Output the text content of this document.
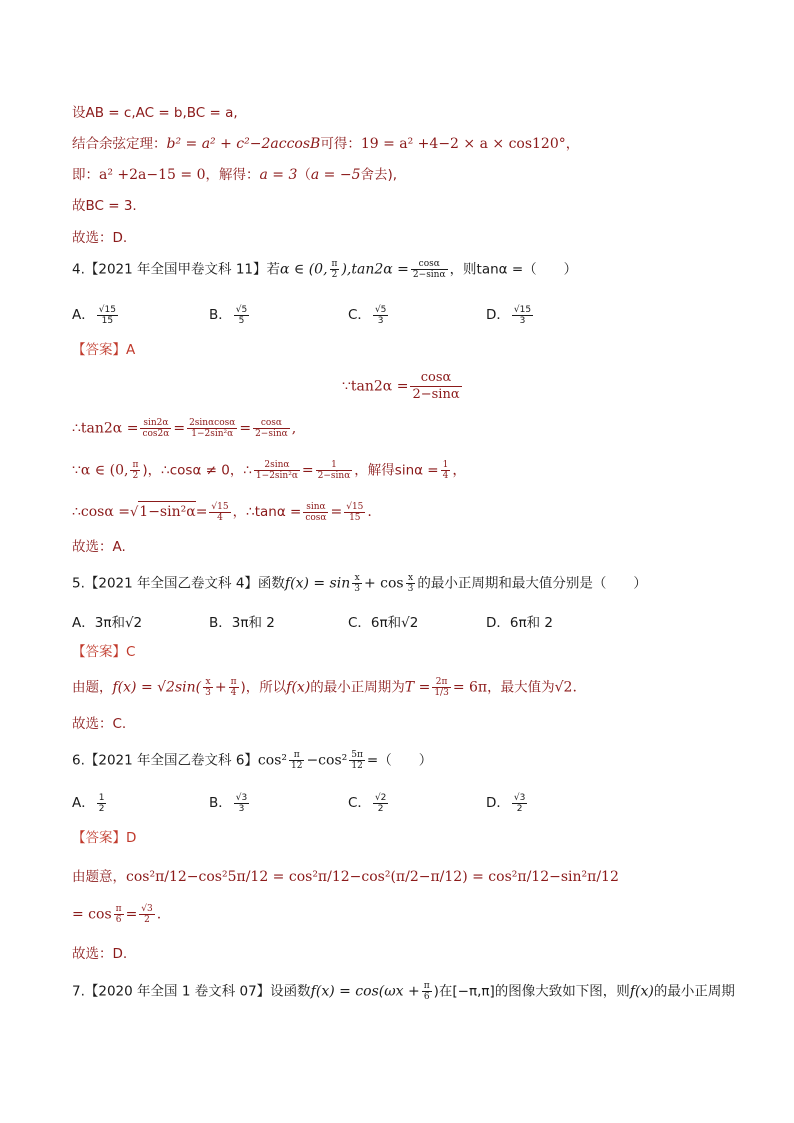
设AB = c,AC = b,BC = a,
结合余弦定理：b² = a² + c²−2accosB可得：19 = a² +4−2 × a × cos120°，
即：a² +2a−15 = 0，解得：a = 3（a = −5舍去),
故BC = 3.
故选：D.
4.【2021 年全国甲卷文科 11】若α ∈ (0, $\frac{\pi}{2} ),\tan 2\alpha = \frac{\cos\alpha}{2-\sin\alpha}$ ，则tanα =（　　）
A． $\frac{√15}{15}$	B． $\frac{√5}{5}$	C． $\frac{√5}{3}$	D． $\frac{√15}{3}$
【答案】A
∵tan2α = $\frac{\cos\alpha}{2-\sin\alpha}$
∴tan2α = $\frac{\sin 2\alpha}{\cos 2\alpha} = \frac{2\sin\alpha\cos\alpha}{\text{1−2sin²α}} = \frac{\cos\alpha}{2-\sin\alpha}$ ,
∵α ∈ (0, $\frac{\pi}{2}$ )，∴cosα ≠ 0，∴ $\frac{2\sin\alpha}{\text{1−2sin²α}} = \frac{1}{2-\sin\alpha}$ ，解得$\sin\alpha = \frac{1}{4}$ ，
∴cosα $=√1-\sin^2\alpha= \frac{√15}{4}$ ，∴tanα = $\frac{\sin\alpha}{\cos\alpha} = \frac{√15}{15}$ .
故选：A.
5.【2021 年全国乙卷文科 4】函数$f(x) = \sin \frac{x}{3} + \cos \frac{x}{3}$ 的最小正周期和最大值分别是（　　）
A．3π和√2	B．3π和 2	C．6π和√2	D．6π和 2
【答案】C
由题，$f(x) = √2\sin( \frac{x}{3} + \frac{\pi}{4}$ )，所以f(x)的最小正周期为$T = \frac{2\pi}{1/3} = 6\pi$，最大值为√2.
故选：C.
6.【2021 年全国乙卷文科 6】$\cos^2 \frac{\pi}{12} -\cos^2 \frac{5\pi}{12}$ =（　　）
A． $\frac{1}{2}$	B． $\frac{√3}{3}$	C． $\frac{√2}{2}$	D． $\frac{√3}{2}$
【答案】D
由题意，cos²π/12−cos²5π/12 = cos²π/12−cos²(π/2−π/12) = cos²π/12−sin²π/12
= $\cos \frac{\pi}{6} = \frac{√3}{2}$ .
故选：D.
7.【2020 年全国 1 卷文科 07】设函数$f(x) = \cos(\omega x + \frac{\pi}{6}$ )在[−π,π]的图像大致如下图，则f(x)的最小正周期
